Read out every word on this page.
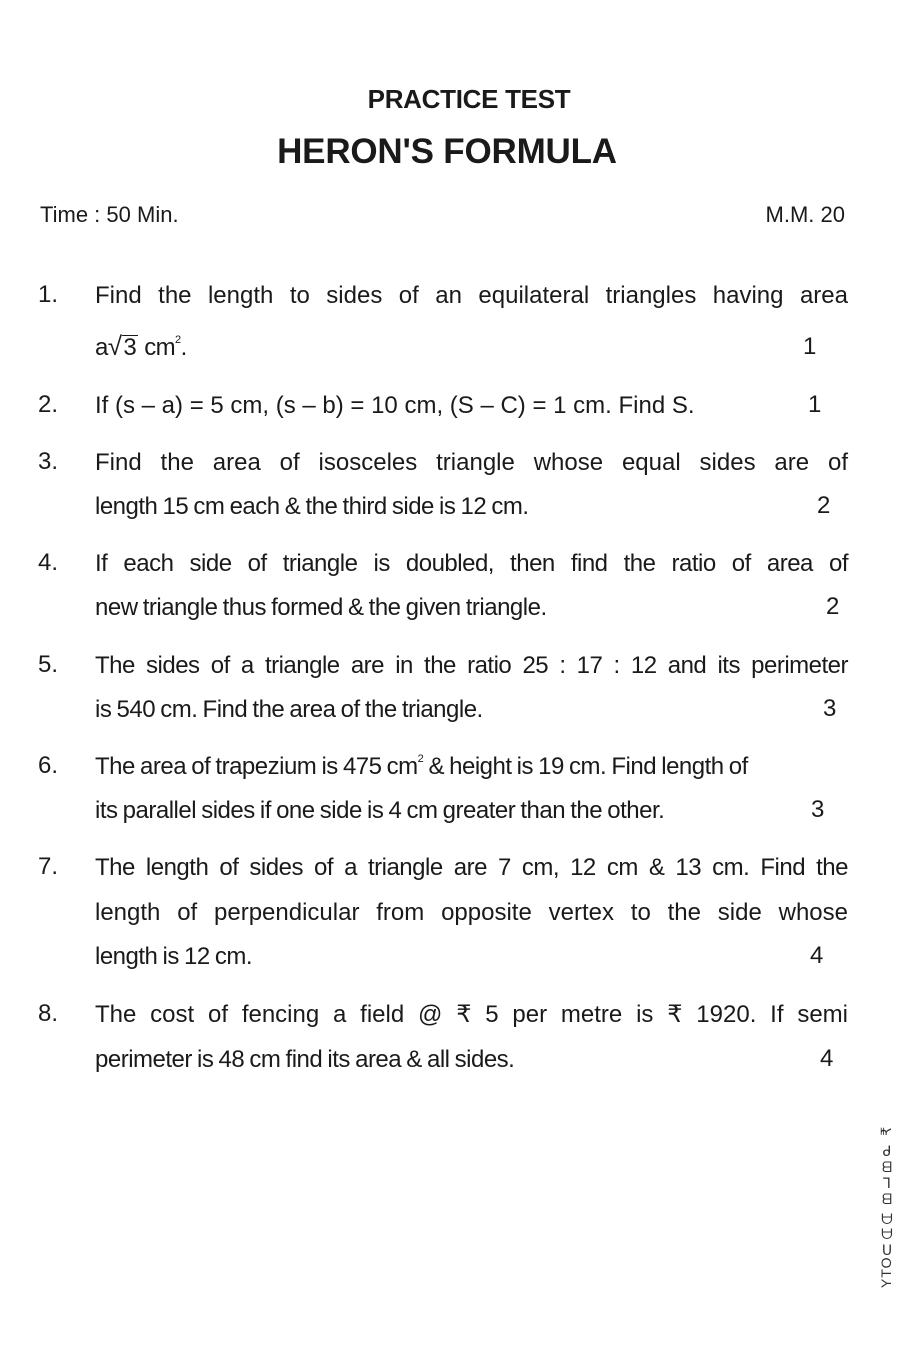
PRACTICE TEST
HERON'S FORMULA
Time : 50 Min.	M.M. 20
1. Find the length to sides of an equilateral triangles having area
a√3 $cm^2$.	1
2. If (s – a) = 5 cm, (s – b) = 10 cm, (S – C) = 1 cm. Find S.	1
3. Find the area of isosceles triangle whose equal sides are of
length 15 cm each & the third side is 12 cm.	2
4. If each side of triangle is doubled, then find the ratio of area of
new triangle thus formed & the given triangle.	2
5. The sides of a triangle are in the ratio 25 : 17 : 12 and its perimeter
is 540 cm. Find the area of the triangle.	3
6. The area of trapezium is 475 $cm^2$ & height is 19 cm. Find length of
its parallel sides if one side is 4 cm greater than the other.	3
7. The length of sides of a triangle are 7 cm, 12 cm & 13 cm. Find the
length of perpendicular from opposite vertex to the side whose
length is 12 cm.	4
8. The cost of fencing a field @ ₹ 5 per metre is ₹ 1920. If semi
perimeter is 48 cm find its area & all sides.	4
YTOᑎᗩᗩ ᗷᒪᗷᑭ ₹
